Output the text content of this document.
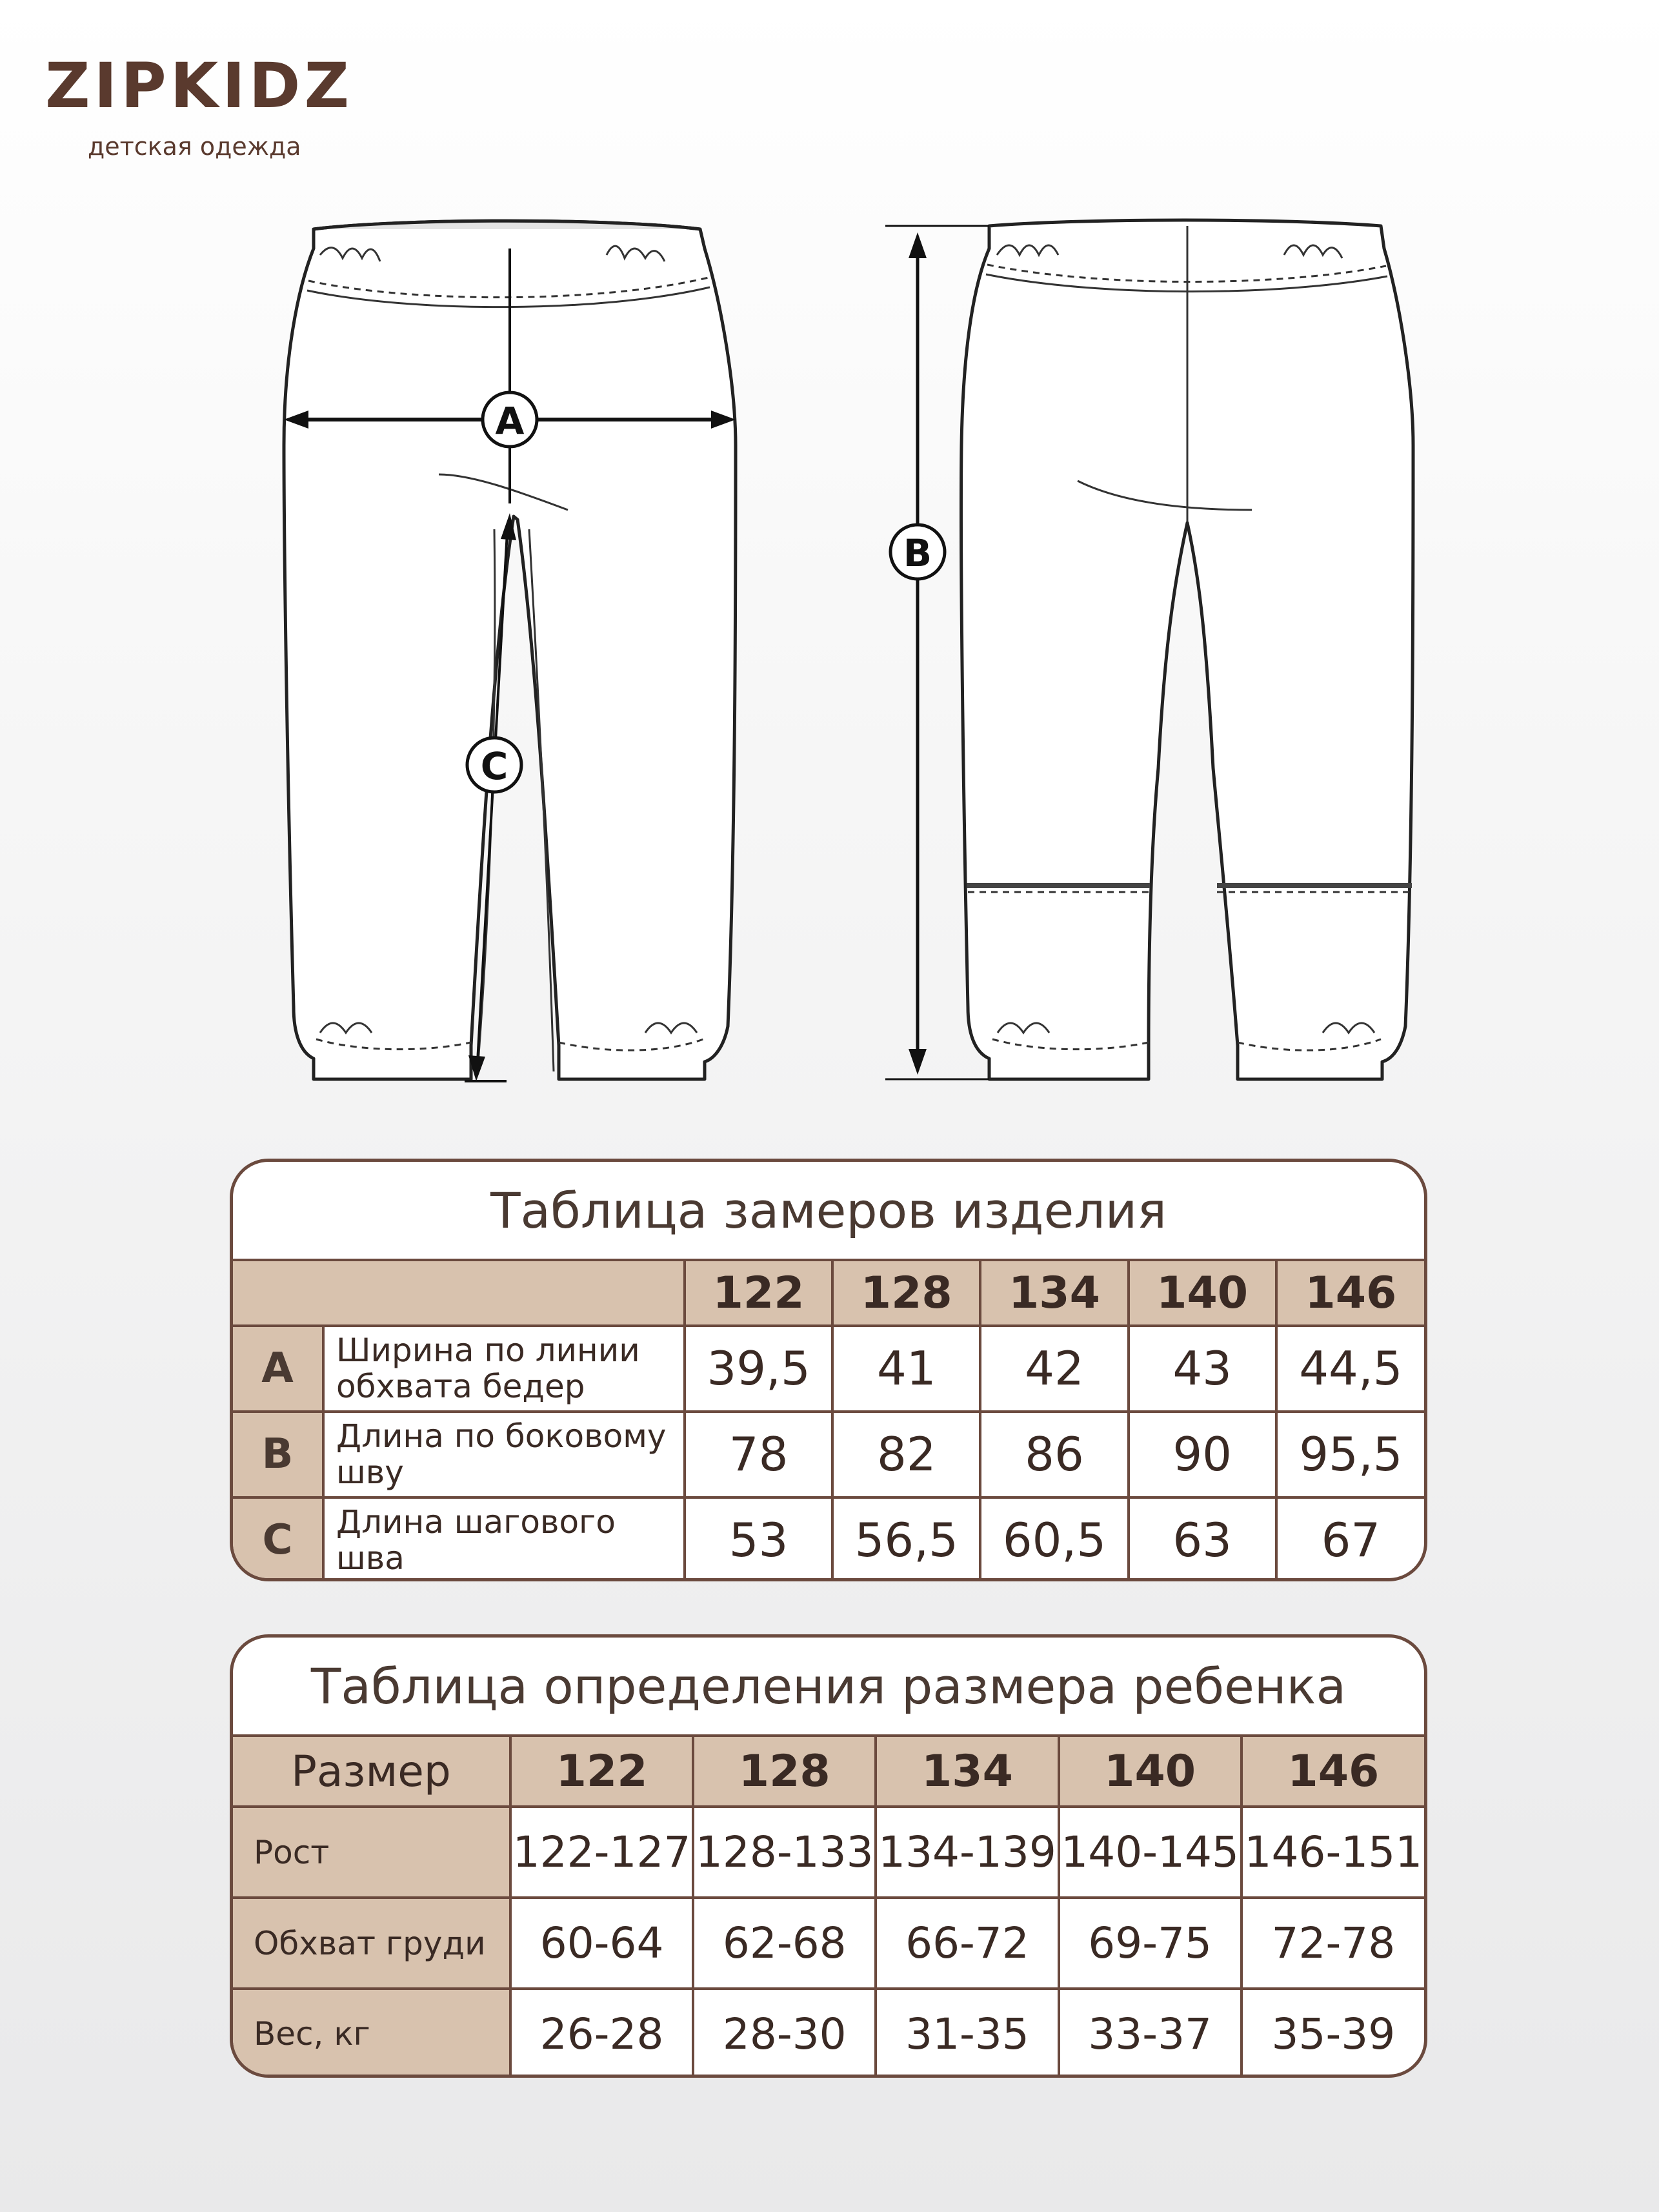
ZIPKIDZ
детская одежда
A
C
B
Таблица замеров изделия
		122	128	134	140	146
A	Ширина по линии обхвата бедер	39,5	41	42	43	44,5
B	Длина по боковому шву	78	82	86	90	95,5
C	Длина шагового шва	53	56,5	60,5	63	67
Таблица определения размера ребенка
Размер	122	128	134	140	146
Рост	122-127	128-133	134-139	140-145	146-151
Обхват груди	60-64	62-68	66-72	69-75	72-78
Вес, кг	26-28	28-30	31-35	33-37	35-39
